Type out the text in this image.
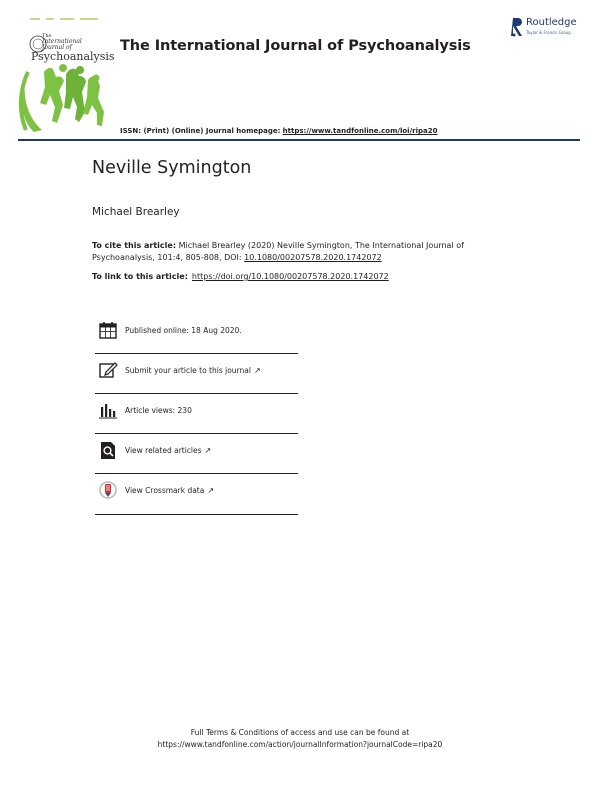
The
International
Journal of
Psychoanalysis
The International Journal of Psychoanalysis
Routledge
Taylor & Francis Group
ISSN: (Print) (Online) Journal homepage: https://www.tandfonline.com/loi/ripa20
Neville Symington
Michael Brearley
To cite this article: Michael Brearley (2020) Neville Symington, The International Journal of Psychoanalysis, 101:4, 805-808, DOI: 10.1080/00207578.2020.1742072
To link to this article: https://doi.org/10.1080/00207578.2020.1742072
Published online: 18 Aug 2020.
Submit your article to this journal ↗
Article views: 230
View related articles ↗
View Crossmark data ↗
Full Terms & Conditions of access and use can be found at
https://www.tandfonline.com/action/journalInformation?journalCode=ripa20
